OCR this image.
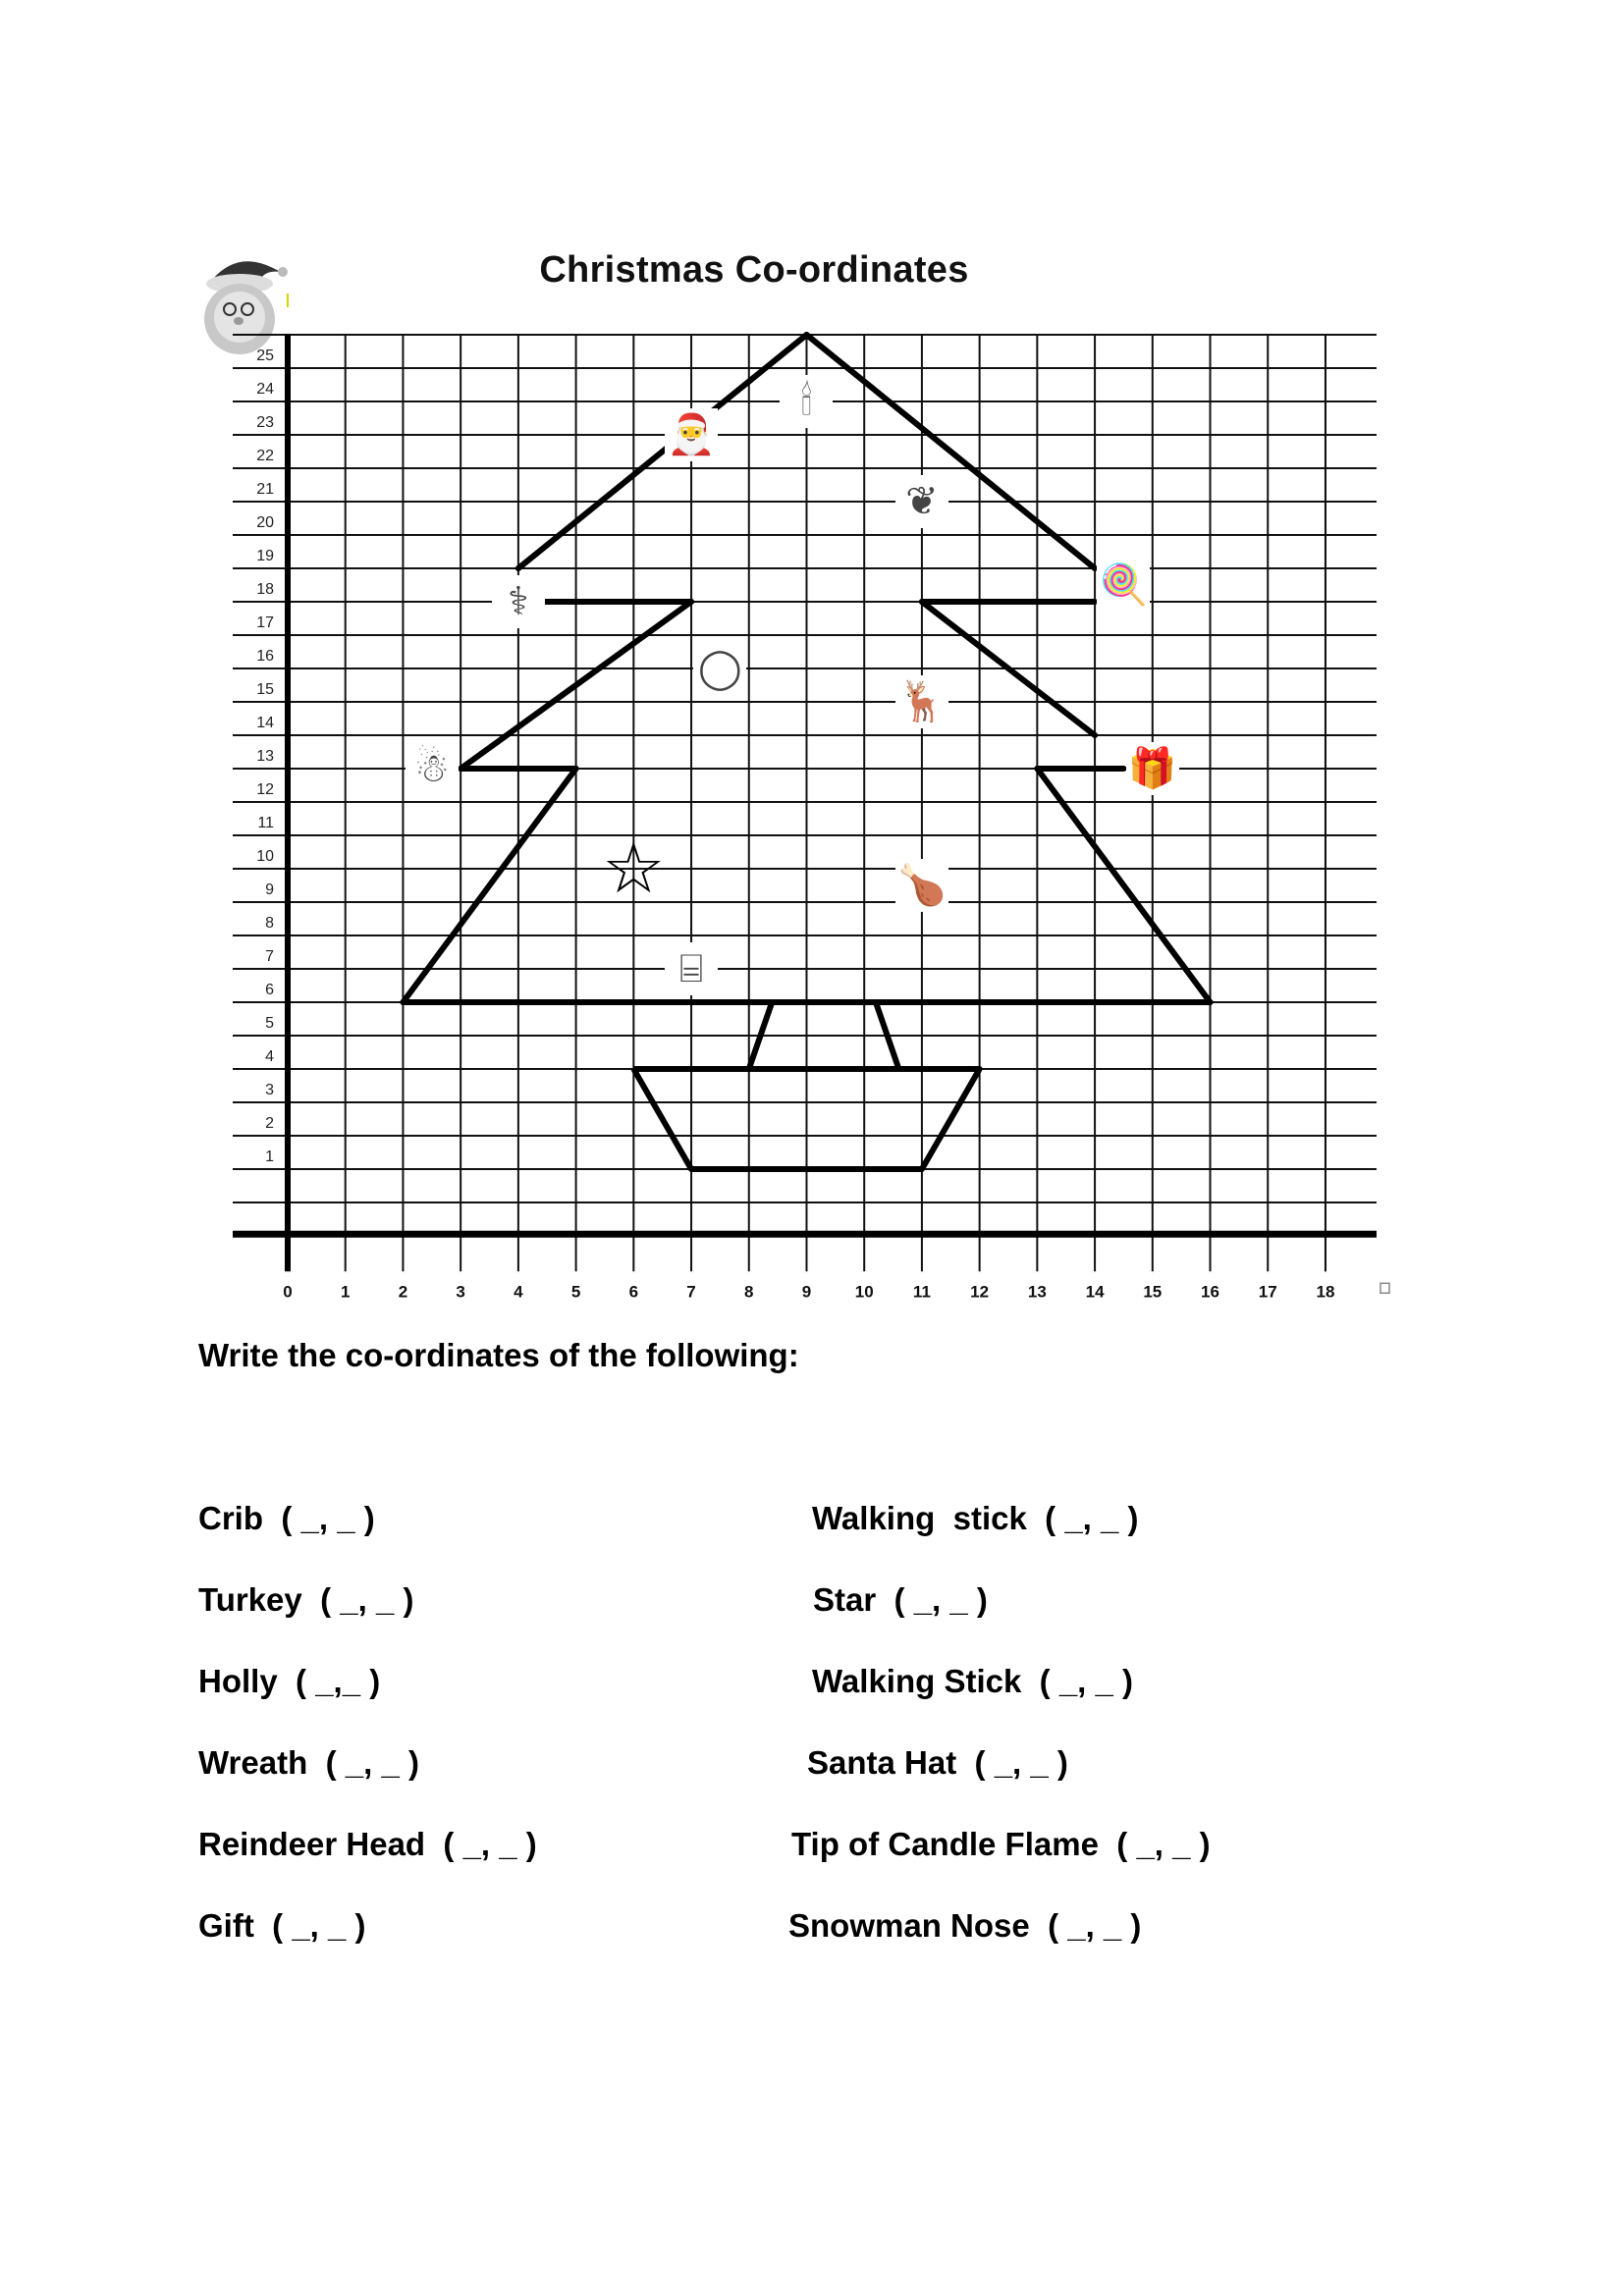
Christmas Co-ordinates
1
2
3
4
5
6
7
8
9
10
11
12
13
14
15
16
17
18
19
20
21
22
23
24
25
0	1	2	3	4	5	6	7	8	9	10 11 12 13 14 15 16 17 18
🎅
🕯
❦
⚕	🍭
◯
🦌
☃	🎁
☆	🍗
⌸
Write the co-ordinates of the following:
Crib  ( _, _ )
Turkey  ( _, _ )
Holly  ( _,_ )
Wreath  ( _, _ )
Reindeer Head  ( _, _ )
Gift  ( _, _ )
Walking  stick  ( _, _ )
Star  ( _, _ )
Walking Stick  ( _, _ )
Santa Hat  ( _, _ )
Tip of Candle Flame  ( _, _ )
Snowman Nose  ( _, _ )
